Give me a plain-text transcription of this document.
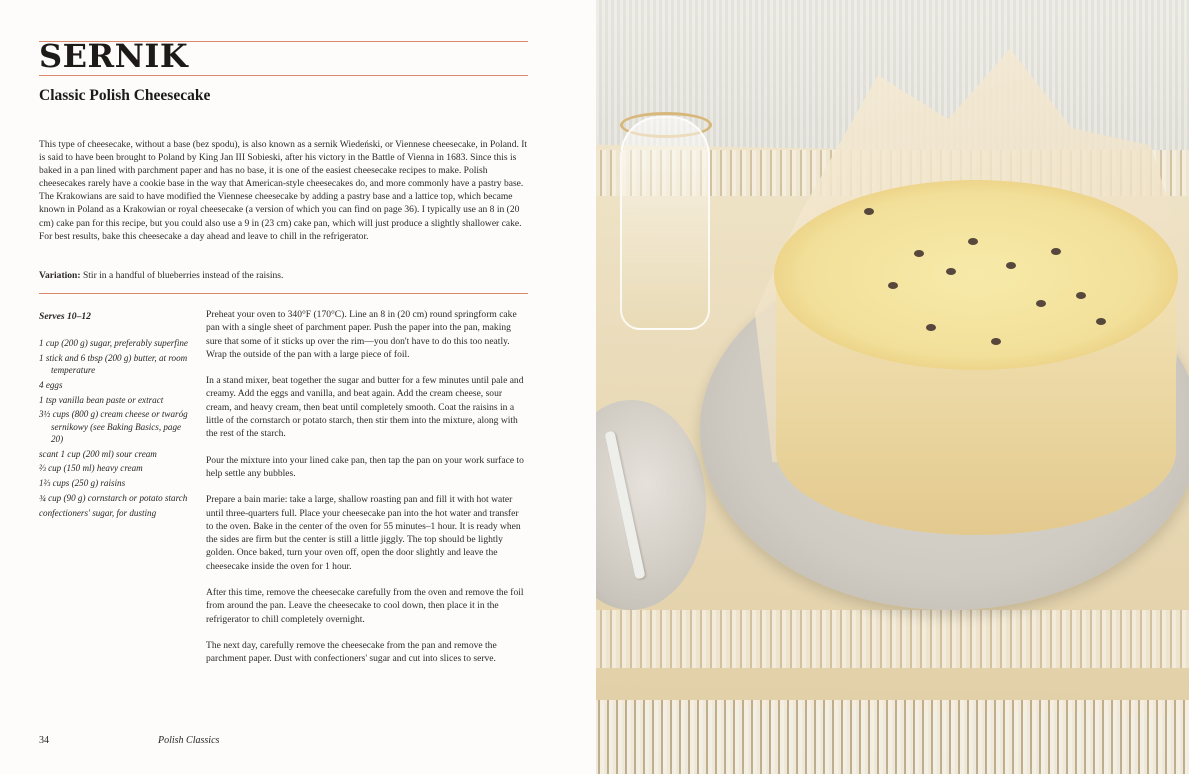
SERNIK
Classic Polish Cheesecake

This type of cheesecake, without a base (bez spodu), is also known as a sernik Wiedeński, or Viennese cheesecake, in Poland. It is said to have been brought to Poland by King Jan III Sobieski, after his victory in the Battle of Vienna in 1683. Since this is baked in a pan lined with parchment paper and has no base, it is one of the easiest cheesecake recipes to make. Polish cheesecakes rarely have a cookie base in the way that American-style cheesecakes do, and more commonly have a pastry base. The Krakowians are said to have modified the Viennese cheesecake by adding a pastry base and a lattice top, which became known in Poland as a Krakowian or royal cheesecake (a version of which you can find on page 36). I typically use an 8 in (20 cm) cake pan for this recipe, but you could also use a 9 in (23 cm) cake pan, which will just produce a slightly shallower cake. For best results, bake this cheesecake a day ahead and leave to chill in the refrigerator.

Variation: Stir in a handful of blueberries instead of the raisins.

Serves 10–12

1 cup (200 g) sugar, preferably superfine
1 stick and 6 tbsp (200 g) butter, at room temperature
4 eggs
1 tsp vanilla bean paste or extract
3½ cups (800 g) cream cheese or twaróg sernikowy (see Baking Basics, page 20)
scant 1 cup (200 ml) sour cream
⅔ cup (150 ml) heavy cream
1⅔ cups (250 g) raisins
¾ cup (90 g) cornstarch or potato starch
confectioners' sugar, for dusting

Preheat your oven to 340°F (170°C). Line an 8 in (20 cm) round springform cake pan with a single sheet of parchment paper. Push the paper into the pan, making sure that some of it sticks up over the rim—you don't have to do this too neatly. Wrap the outside of the pan with a large piece of foil.

In a stand mixer, beat together the sugar and butter for a few minutes until pale and creamy. Add the eggs and vanilla, and beat again. Add the cream cheese, sour cream, and heavy cream, then beat until completely smooth. Coat the raisins in a little of the cornstarch or potato starch, then stir them into the mixture, along with the rest of the starch.

Pour the mixture into your lined cake pan, then tap the pan on your work surface to help settle any bubbles.

Prepare a bain marie: take a large, shallow roasting pan and fill it with hot water until three-quarters full. Place your cheesecake pan into the hot water and transfer to the oven. Bake in the center of the oven for 55 minutes–1 hour. It is ready when the sides are firm but the center is still a little jiggly. The top should be lightly golden. Once baked, turn your oven off, open the door slightly and leave the cheesecake inside the oven for 1 hour.

After this time, remove the cheesecake carefully from the oven and remove the foil from around the pan. Leave the cheesecake to cool down, then place it in the refrigerator to chill completely overnight.

The next day, carefully remove the cheesecake from the pan and remove the parchment paper. Dust with confectioners' sugar and cut into slices to serve.

34	Polish Classics
